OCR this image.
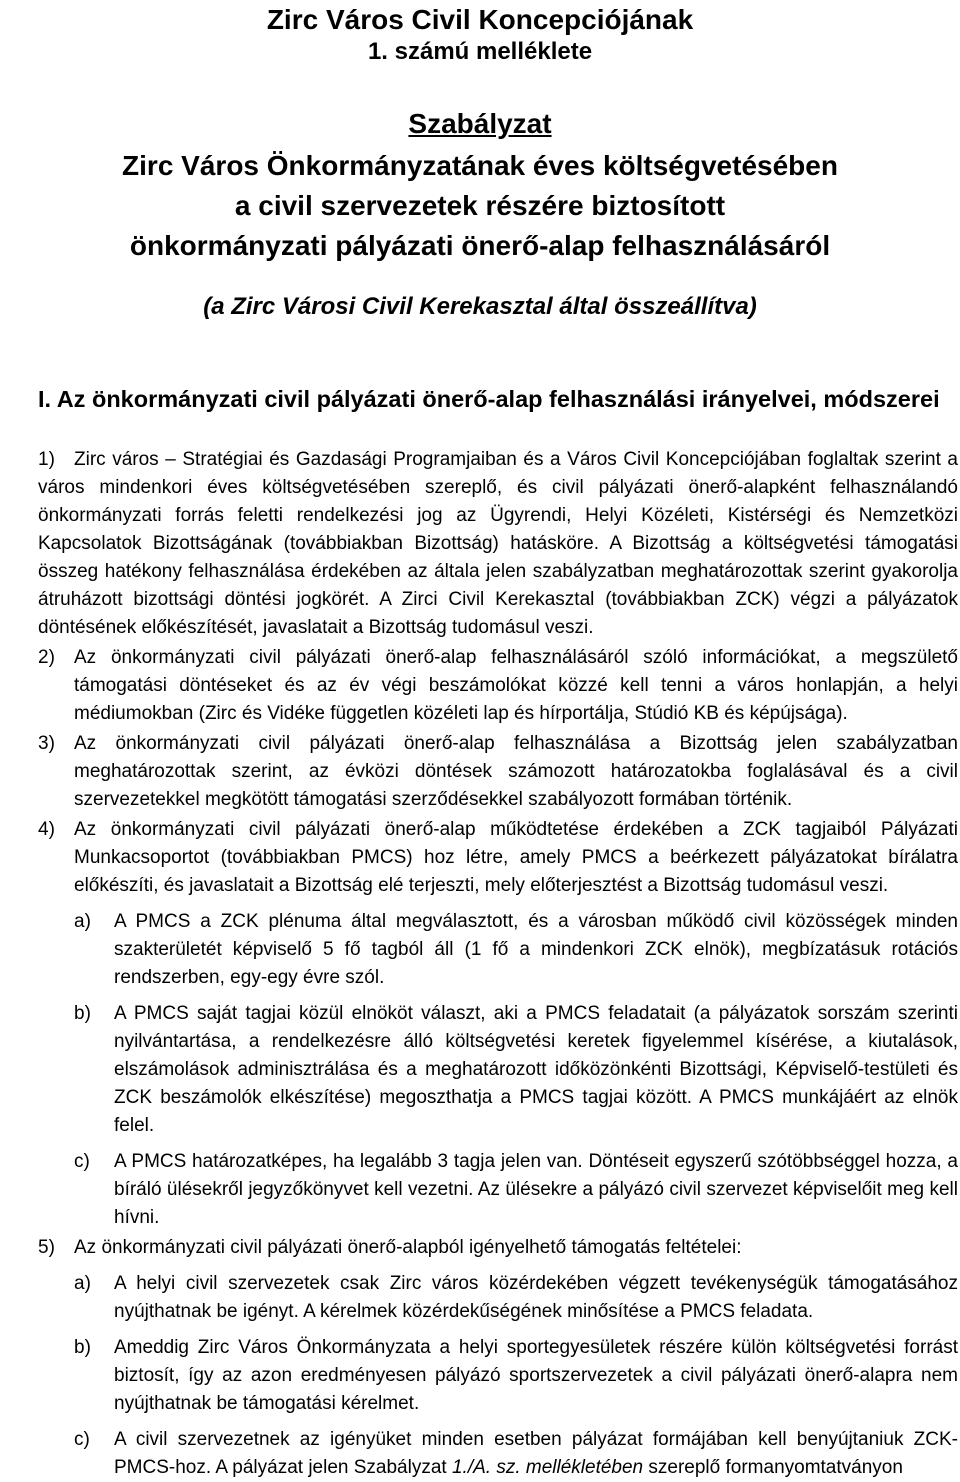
Zirc Város Civil Koncepciójának
1. számú melléklete
Szabályzat
Zirc Város Önkormányzatának éves költségvetésében
a civil szervezetek részére biztosított
önkormányzati pályázati önerő-alap felhasználásáról
(a Zirc Városi Civil Kerekasztal által összeállítva)
I. Az önkormányzati civil pályázati önerő-alap felhasználási irányelvei, módszerei

1) Zirc város – Stratégiai és Gazdasági Programjaiban és a Város Civil Koncepciójában foglaltak szerint a város mindenkori éves költségvetésében szereplő, és civil pályázati önerő-alapként felhasználandó önkormányzati forrás feletti rendelkezési jog az Ügyrendi, Helyi Közéleti, Kistérségi és Nemzetközi Kapcsolatok Bizottságának (továbbiakban Bizottság) hatásköre. A Bizottság a költségvetési támogatási összeg hatékony felhasználása érdekében az általa jelen szabályzatban meghatározottak szerint gyakorolja átruházott bizottsági döntési jogkörét. A Zirci Civil Kerekasztal (továbbiakban ZCK) végzi a pályázatok döntésének előkészítését, javaslatait a Bizottság tudomásul veszi.

2) Az önkormányzati civil pályázati önerő-alap felhasználásáról szóló információkat, a megszülető támogatási döntéseket és az év végi beszámolókat közzé kell tenni a város honlapján, a helyi médiumokban (Zirc és Vidéke független közéleti lap és hírportálja, Stúdió KB és képújsága).

3) Az önkormányzati civil pályázati önerő-alap felhasználása a Bizottság jelen szabályzatban meghatározottak szerint, az évközi döntések számozott határozatokba foglalásával és a civil szervezetekkel megkötött támogatási szerződésekkel szabályozott formában történik.

4) Az önkormányzati civil pályázati önerő-alap működtetése érdekében a ZCK tagjaiból Pályázati Munkacsoportot (továbbiakban PMCS) hoz létre, amely PMCS a beérkezett pályázatokat bírálatra előkészíti, és javaslatait a Bizottság elé terjeszti, mely előterjesztést a Bizottság tudomásul veszi.

a) A PMCS a ZCK plénuma által megválasztott, és a városban működő civil közösségek minden szakterületét képviselő 5 fő tagból áll (1 fő a mindenkori ZCK elnök), megbízatásuk rotációs rendszerben, egy-egy évre szól.

b) A PMCS saját tagjai közül elnököt választ, aki a PMCS feladatait (a pályázatok sorszám szerinti nyilvántartása, a rendelkezésre álló költségvetési keretek figyelemmel kísérése, a kiutalások, elszámolások adminisztrálása és a meghatározott időközönkénti Bizottsági, Képviselő-testületi és ZCK beszámolók elkészítése) megoszthatja a PMCS tagjai között. A PMCS munkájáért az elnök felel.

c) A PMCS határozatképes, ha legalább 3 tagja jelen van. Döntéseit egyszerű szótöbbséggel hozza, a bíráló ülésekről jegyzőkönyvet kell vezetni. Az ülésekre a pályázó civil szervezet képviselőit meg kell hívni.

5) Az önkormányzati civil pályázati önerő-alapból igényelhető támogatás feltételei:

a) A helyi civil szervezetek csak Zirc város közérdekében végzett tevékenységük támogatásához nyújthatnak be igényt. A kérelmek közérdekűségének minősítése a PMCS feladata.

b) Ameddig Zirc Város Önkormányzata a helyi sportegyesületek részére külön költségvetési forrást biztosít, így az azon eredményesen pályázó sportszervezetek a civil pályázati önerő-alapra nem nyújthatnak be támogatási kérelmet.

c) A civil szervezetnek az igényüket minden esetben pályázat formájában kell benyújtaniuk ZCK-PMCS-hoz. A pályázat jelen Szabályzat 1./A. sz. mellékletében szereplő formanyomtatványon
